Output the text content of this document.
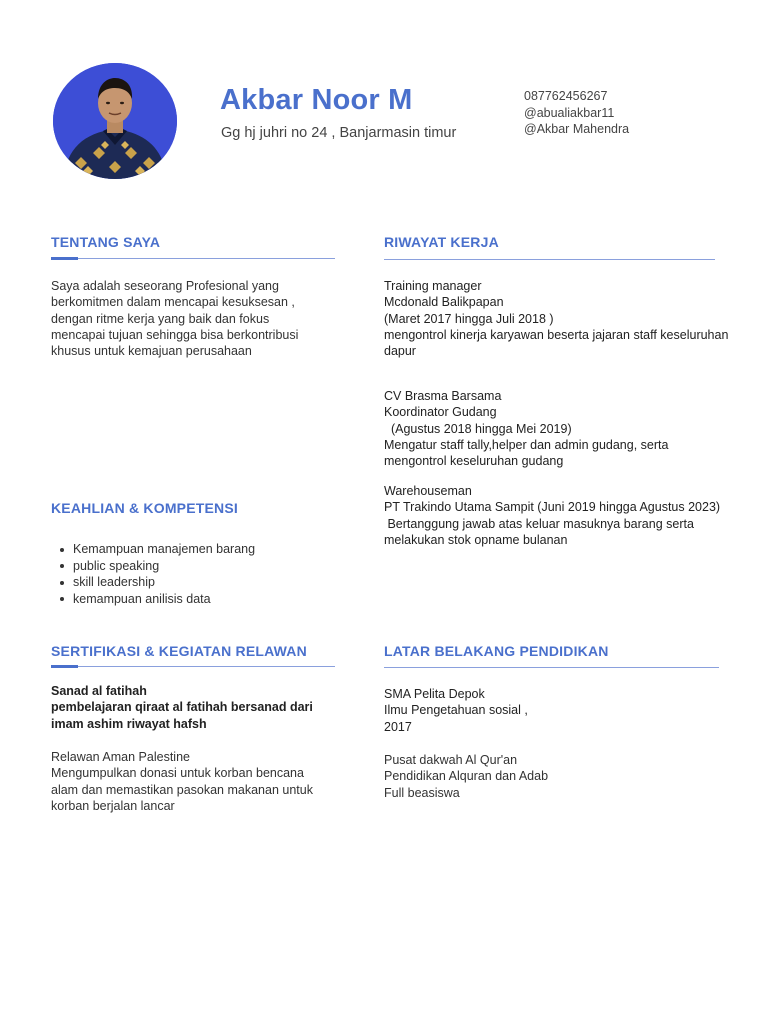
Akbar Noor M
Gg hj juhri no 24 , Banjarmasin timur
087762456267
@abualiakbar11
@Akbar Mahendra
TENTANG SAYA
Saya adalah seseorang Profesional yang
berkomitmen dalam mencapai kesuksesan ,
dengan ritme kerja yang baik dan fokus
mencapai tujuan sehingga bisa berkontribusi
khusus untuk kemajuan perusahaan
RIWAYAT KERJA
Training manager
Mcdonald Balikpapan
(Maret 2017 hingga Juli 2018 )
mengontrol kinerja karyawan beserta jajaran staff keseluruhan
dapur
CV Brasma Barsama
Koordinator Gudang
(Agustus 2018 hingga Mei 2019)
Mengatur staff tally,helper dan admin gudang, serta
mengontrol keseluruhan gudang
Warehouseman
PT Trakindo Utama Sampit (Juni 2019 hingga Agustus 2023)
Bertanggung jawab atas keluar masuknya barang serta
melakukan stok opname bulanan
KEAHLIAN & KOMPETENSI
Kemampuan manajemen barang
public speaking
skill leadership
kemampuan anilisis data
SERTIFIKASI & KEGIATAN RELAWAN
Sanad al fatihah
pembelajaran qiraat al fatihah bersanad dari
imam ashim riwayat hafsh
Relawan Aman Palestine
Mengumpulkan donasi untuk korban bencana
alam dan memastikan pasokan makanan untuk
korban berjalan lancar
LATAR BELAKANG PENDIDIKAN
SMA Pelita Depok
Ilmu Pengetahuan sosial ,
2017
Pusat dakwah Al Qur'an
Pendidikan Alquran dan Adab
Full beasiswa
